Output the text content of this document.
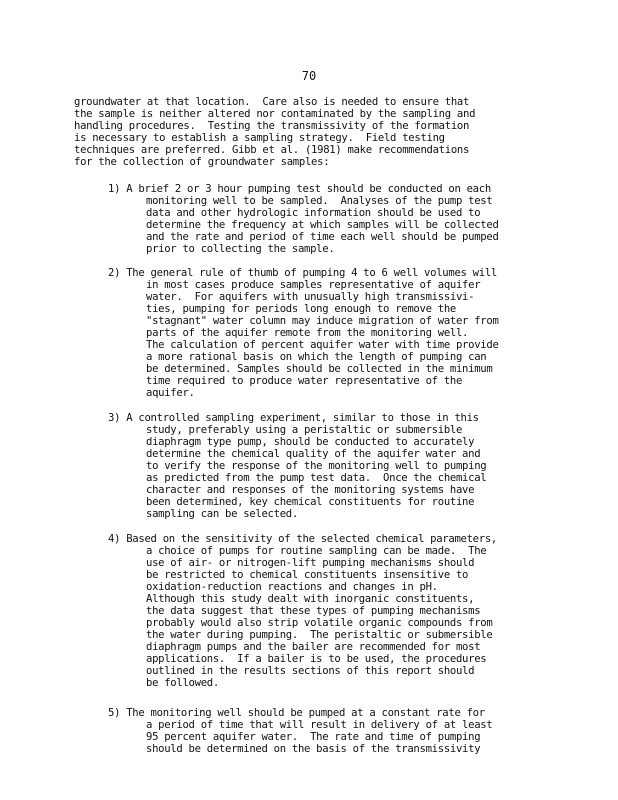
70
groundwater at that location.  Care also is needed to ensure that
the sample is neither altered nor contaminated by the sampling and
handling procedures.  Testing the transmissivity of the formation
is necessary to establish a sampling strategy.  Field testing
techniques are preferred. Gibb et al. (1981) make recommendations
for the collection of groundwater samples:
1) A brief 2 or 3 hour pumping test should be conducted on each
monitoring well to be sampled.  Analyses of the pump test
data and other hydrologic information should be used to
determine the frequency at which samples will be collected
and the rate and period of time each well should be pumped
prior to collecting the sample.
2) The general rule of thumb of pumping 4 to 6 well volumes will
in most cases produce samples representative of aquifer
water.  For aquifers with unusually high transmissivi-
ties, pumping for periods long enough to remove the
"stagnant" water column may induce migration of water from
parts of the aquifer remote from the monitoring well.
The calculation of percent aquifer water with time provide
a more rational basis on which the length of pumping can
be determined. Samples should be collected in the minimum
time required to produce water representative of the
aquifer.
3) A controlled sampling experiment, similar to those in this
study, preferably using a peristaltic or submersible
diaphragm type pump, should be conducted to accurately
determine the chemical quality of the aquifer water and
to verify the response of the monitoring well to pumping
as predicted from the pump test data.  Once the chemical
character and responses of the monitoring systems have
been determined, key chemical constituents for routine
sampling can be selected.
4) Based on the sensitivity of the selected chemical parameters,
a choice of pumps for routine sampling can be made.  The
use of air- or nitrogen-lift pumping mechanisms should
be restricted to chemical constituents insensitive to
oxidation-reduction reactions and changes in pH.
Although this study dealt with inorganic constituents,
the data suggest that these types of pumping mechanisms
probably would also strip volatile organic compounds from
the water during pumping.  The peristaltic or submersible
diaphragm pumps and the bailer are recommended for most
applications.  If a bailer is to be used, the procedures
outlined in the results sections of this report should
be followed.
5) The monitoring well should be pumped at a constant rate for
a period of time that will result in delivery of at least
95 percent aquifer water.  The rate and time of pumping
should be determined on the basis of the transmissivity
